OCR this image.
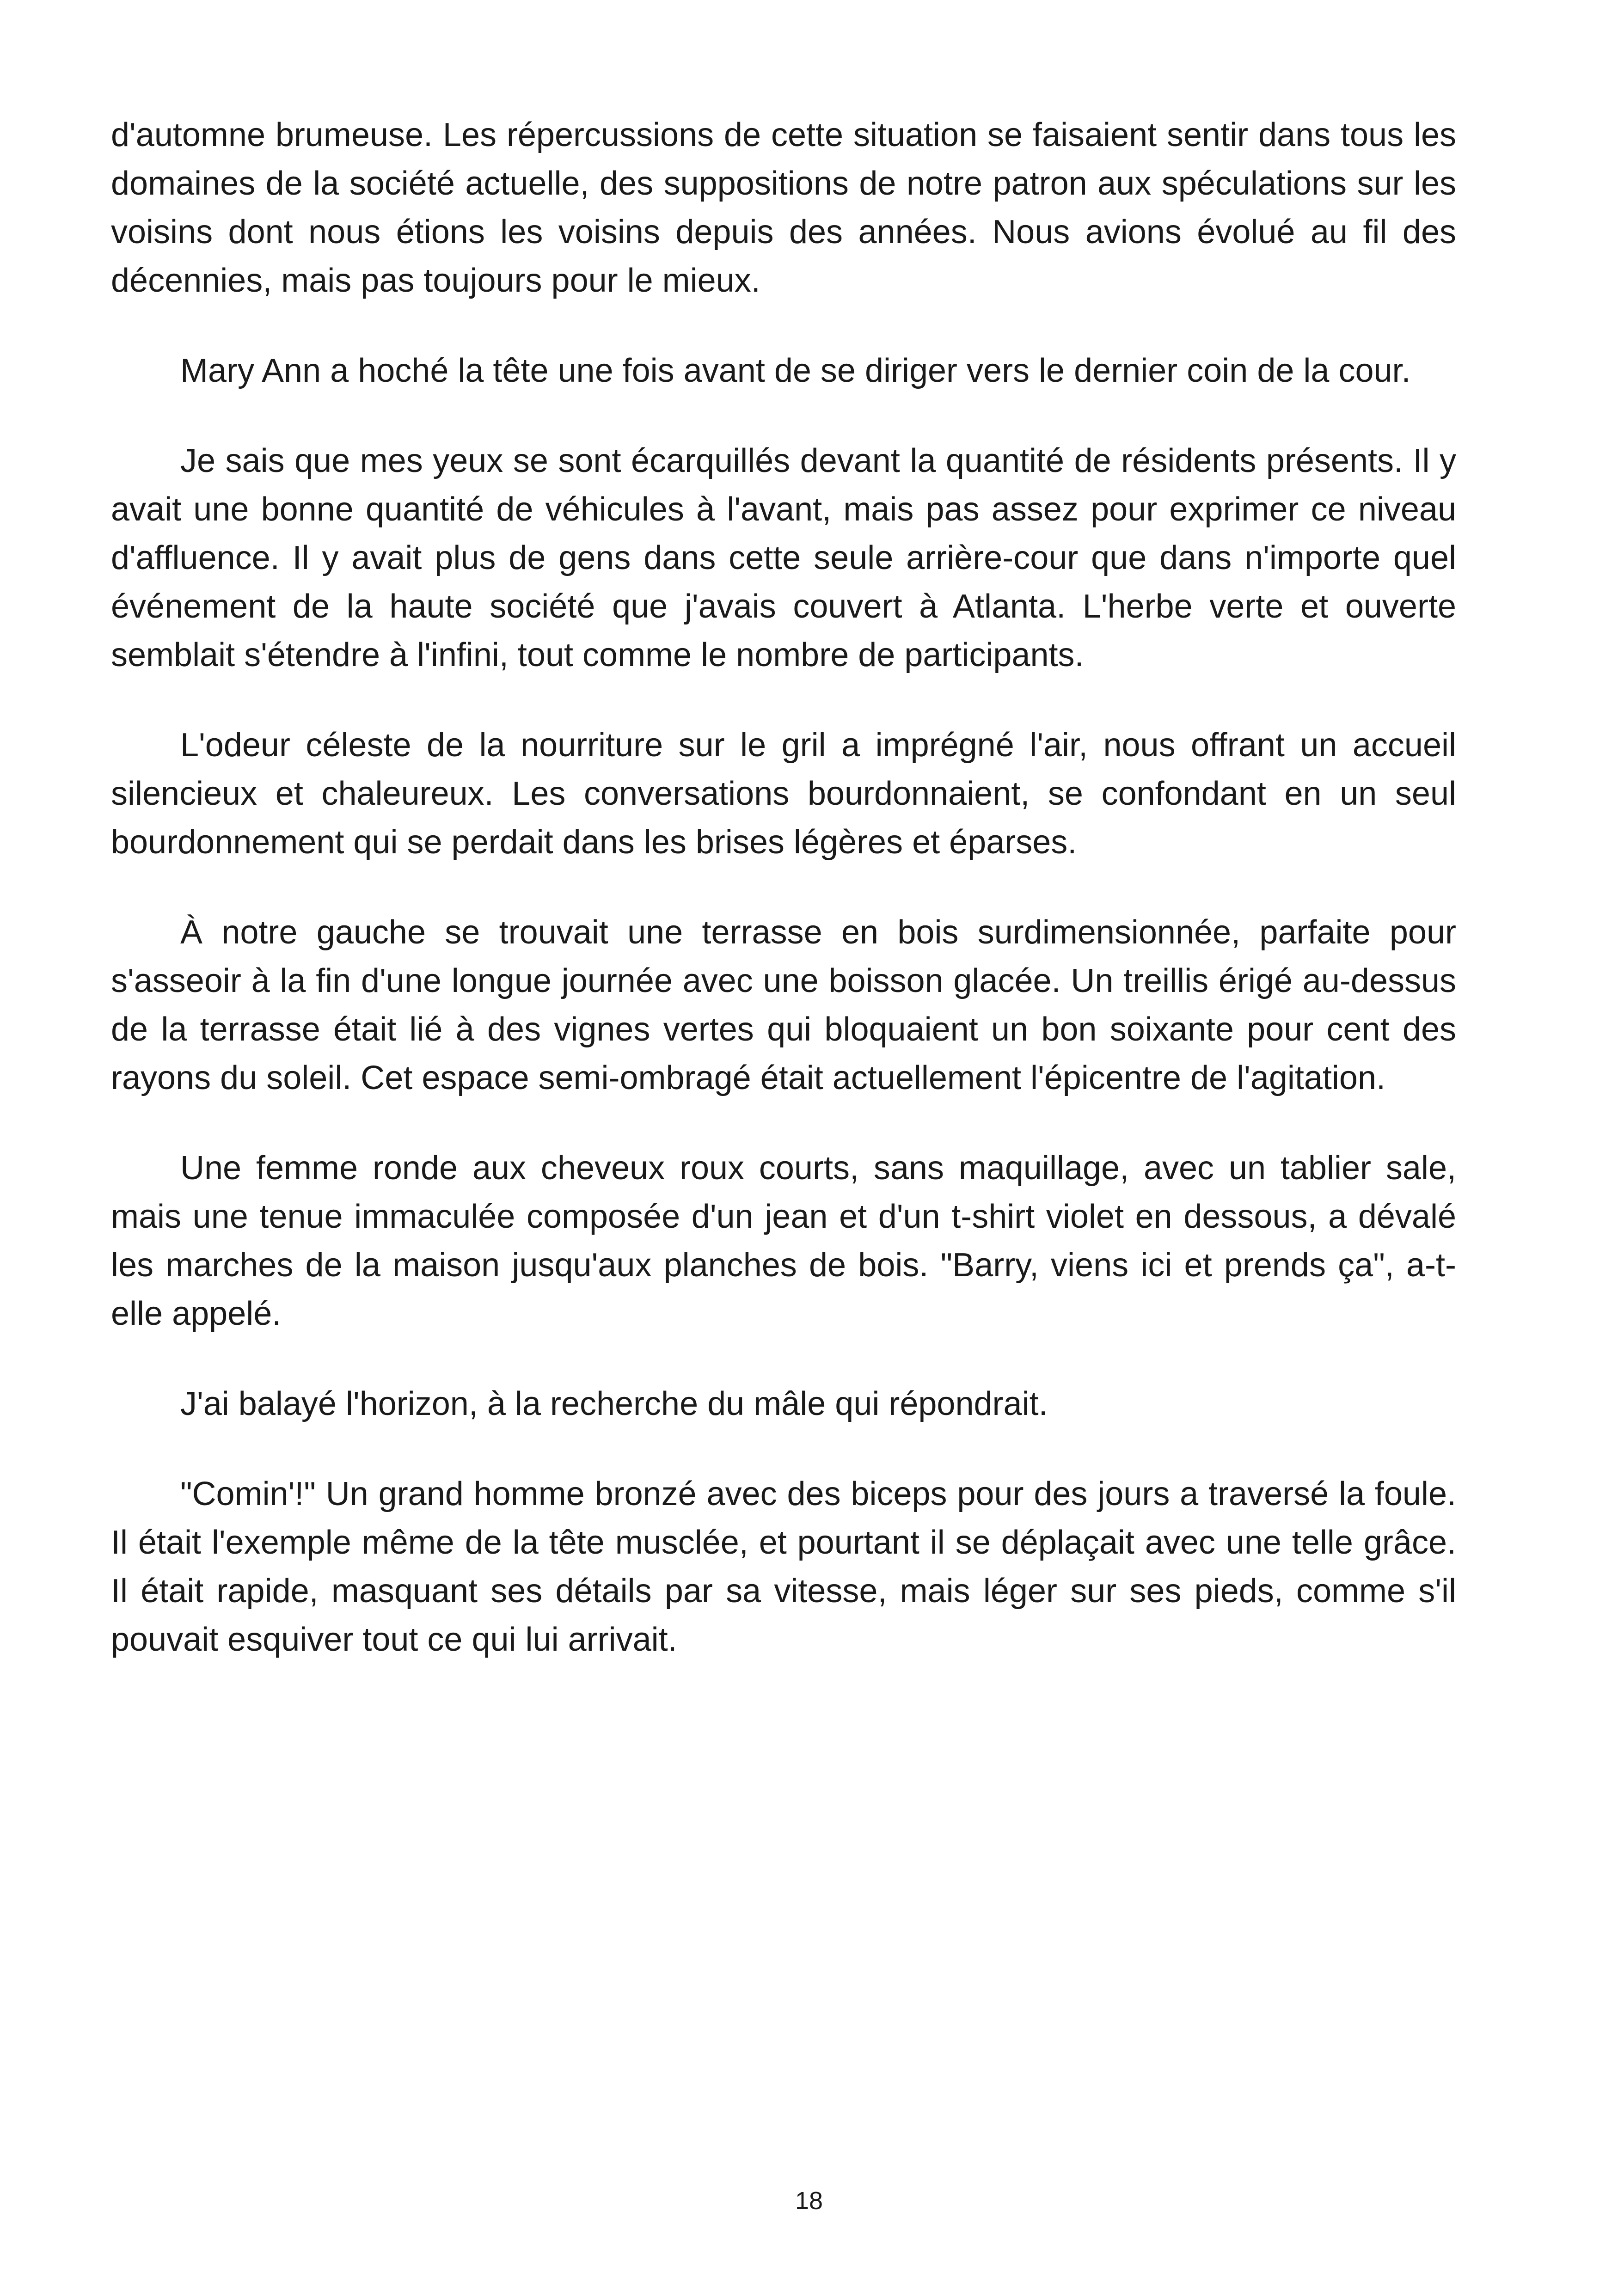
d'automne brumeuse. Les répercussions de cette situation se faisaient sentir dans tous les domaines de la société actuelle, des suppositions de notre patron aux spéculations sur les voisins dont nous étions les voisins depuis des années. Nous avions évolué au fil des décennies, mais pas toujours pour le mieux.

Mary Ann a hoché la tête une fois avant de se diriger vers le dernier coin de la cour.

Je sais que mes yeux se sont écarquillés devant la quantité de résidents présents. Il y avait une bonne quantité de véhicules à l'avant, mais pas assez pour exprimer ce niveau d'affluence. Il y avait plus de gens dans cette seule arrière-cour que dans n'importe quel événement de la haute société que j'avais couvert à Atlanta. L'herbe verte et ouverte semblait s'étendre à l'infini, tout comme le nombre de participants.

L'odeur céleste de la nourriture sur le gril a imprégné l'air, nous offrant un accueil silencieux et chaleureux. Les conversations bourdonnaient, se confondant en un seul bourdonnement qui se perdait dans les brises légères et éparses.

À notre gauche se trouvait une terrasse en bois surdimensionnée, parfaite pour s'asseoir à la fin d'une longue journée avec une boisson glacée. Un treillis érigé au-dessus de la terrasse était lié à des vignes vertes qui bloquaient un bon soixante pour cent des rayons du soleil. Cet espace semi-ombragé était actuellement l'épicentre de l'agitation.

Une femme ronde aux cheveux roux courts, sans maquillage, avec un tablier sale, mais une tenue immaculée composée d'un jean et d'un t-shirt violet en dessous, a dévalé les marches de la maison jusqu'aux planches de bois. "Barry, viens ici et prends ça", a-t-elle appelé.

J'ai balayé l'horizon, à la recherche du mâle qui répondrait.

"Comin'!" Un grand homme bronzé avec des biceps pour des jours a traversé la foule. Il était l'exemple même de la tête musclée, et pourtant il se déplaçait avec une telle grâce. Il était rapide, masquant ses détails par sa vitesse, mais léger sur ses pieds, comme s'il pouvait esquiver tout ce qui lui arrivait.

18
